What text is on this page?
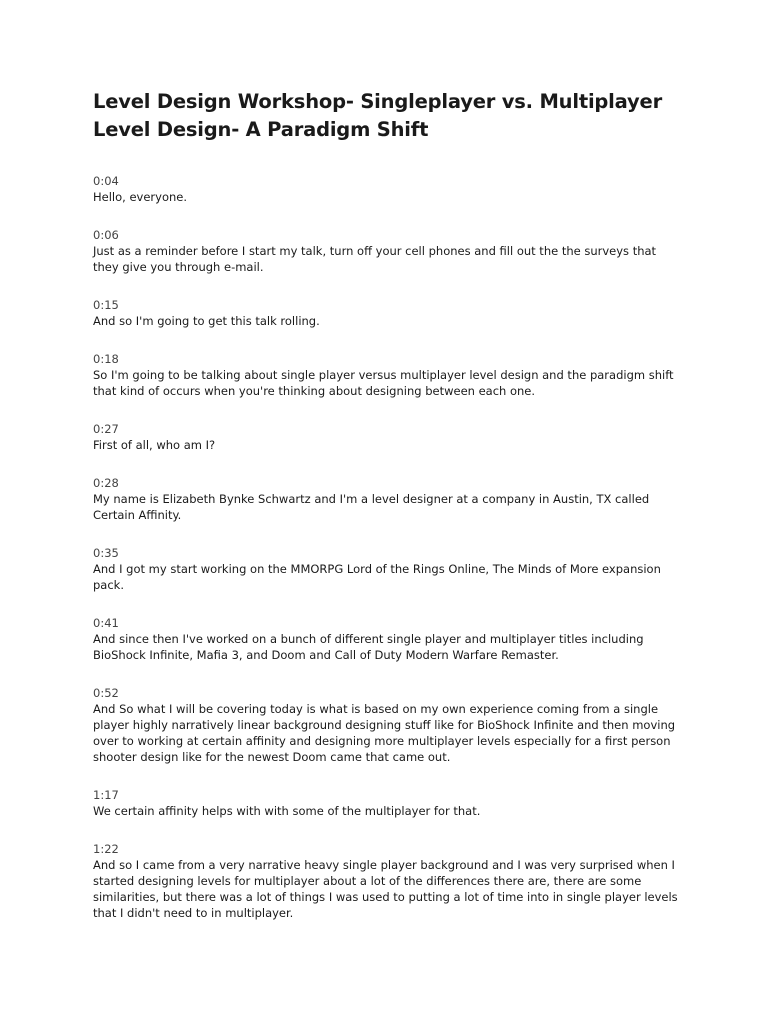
Level Design Workshop- Singleplayer vs. Multiplayer Level Design- A Paradigm Shift
0:04
Hello, everyone.
0:06
Just as a reminder before I start my talk, turn off your cell phones and fill out the the surveys that they give you through e-mail.
0:15
And so I'm going to get this talk rolling.
0:18
So I'm going to be talking about single player versus multiplayer level design and the paradigm shift that kind of occurs when you're thinking about designing between each one.
0:27
First of all, who am I?
0:28
My name is Elizabeth Bynke Schwartz and I'm a level designer at a company in Austin, TX called Certain Affinity.
0:35
And I got my start working on the MMORPG Lord of the Rings Online, The Minds of More expansion pack.
0:41
And since then I've worked on a bunch of different single player and multiplayer titles including BioShock Infinite, Mafia 3, and Doom and Call of Duty Modern Warfare Remaster.
0:52
And So what I will be covering today is what is based on my own experience coming from a single player highly narratively linear background designing stuff like for BioShock Infinite and then moving over to working at certain affinity and designing more multiplayer levels especially for a first person shooter design like for the newest Doom came that came out.
1:17
We certain affinity helps with with some of the multiplayer for that.
1:22
And so I came from a very narrative heavy single player background and I was very surprised when I started designing levels for multiplayer about a lot of the differences there are, there are some similarities, but there was a lot of things I was used to putting a lot of time into in single player levels that I didn't need to in multiplayer.
